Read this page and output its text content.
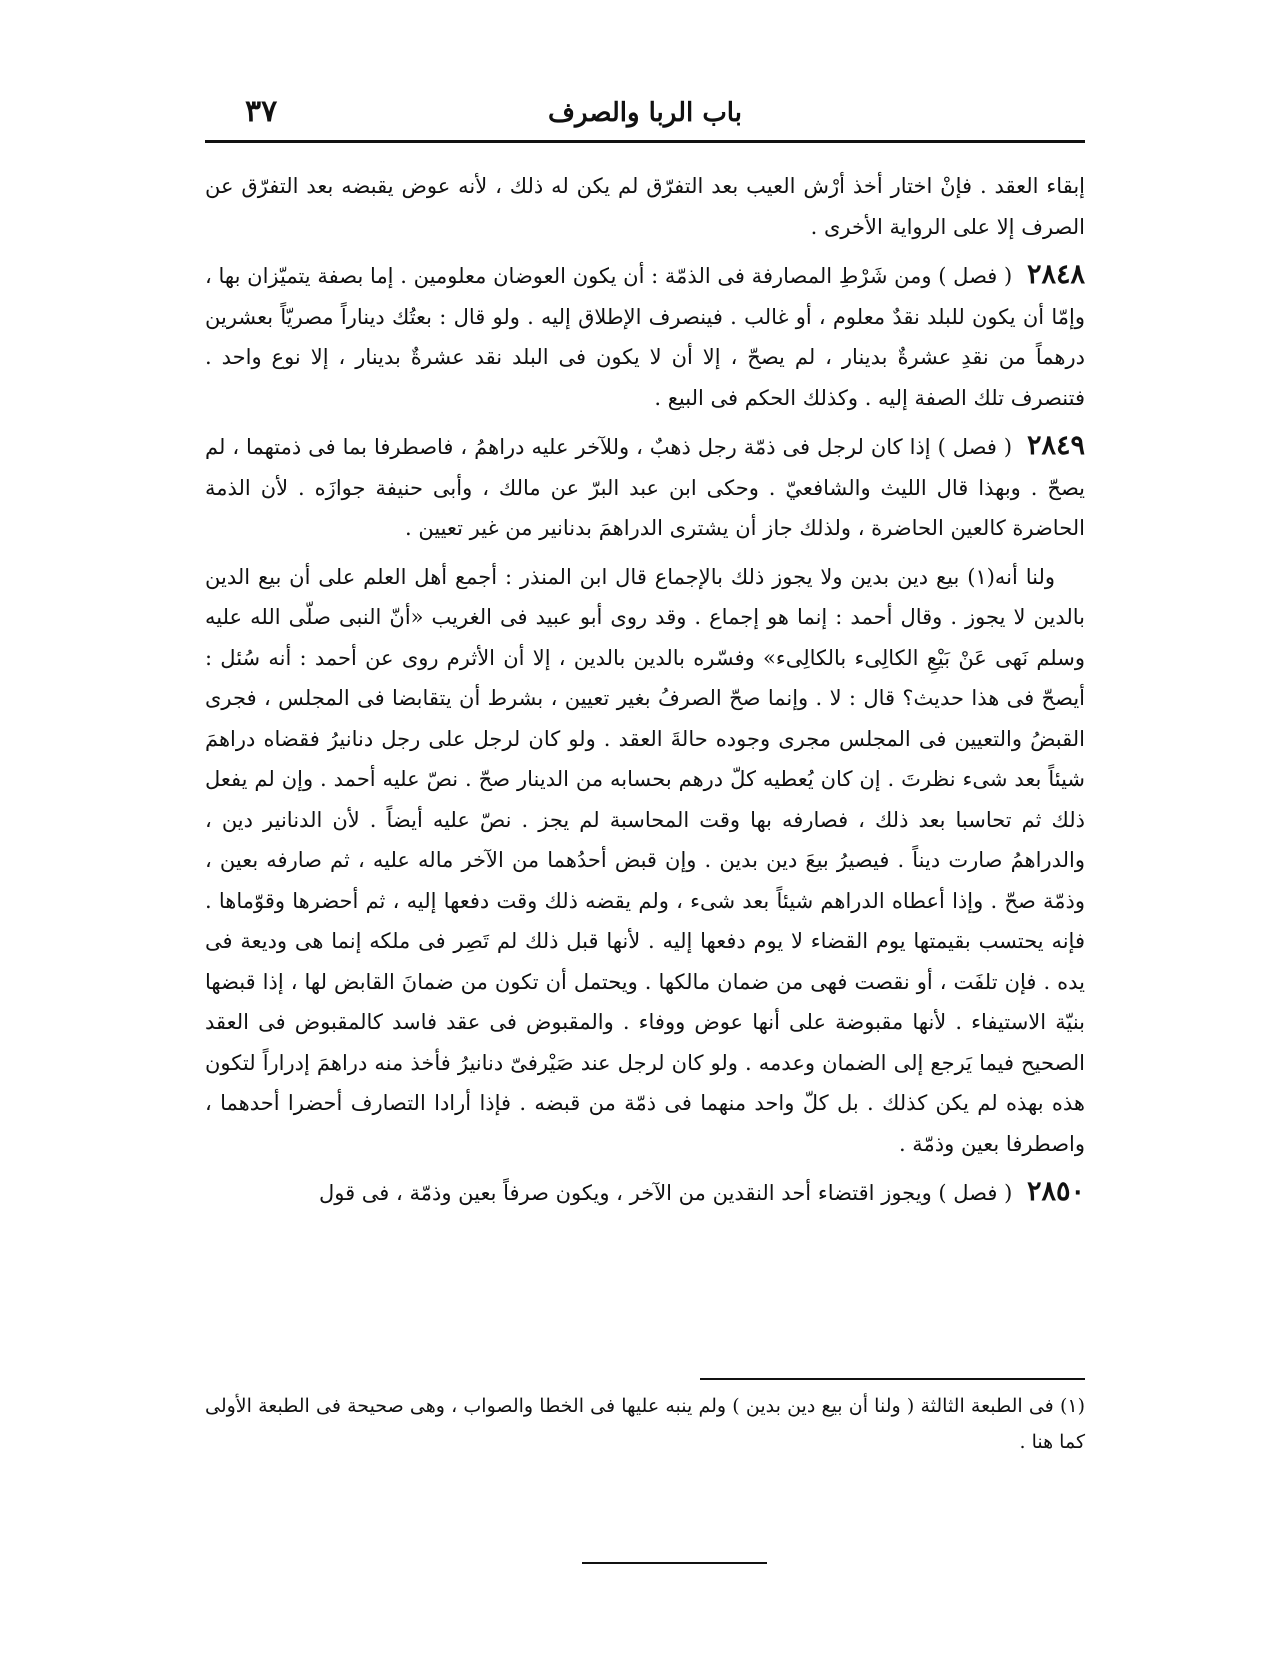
باب الربا والصرف
٣٧

إبقاء العقد . فإنْ اختار أخذ أرْش العيب بعد التفرّق لم يكن له ذلك ، لأنه عوض يقبضه بعد التفرّق عن الصرف إلا على الرواية الأخرى .

٢٨٤٨ ( فصل ) ومن شَرْطِ المصارفة فى الذمّة : أن يكون العوضان معلومين . إما بصفة يتميّزان بها ، وإمّا أن يكون للبلد نقدٌ معلوم ، أو غالب . فينصرف الإطلاق إليه . ولو قال : بعتُك ديناراً مصريّاً بعشرين درهماً من نقدِ عشرةٌ بدينار ، لم يصحّ ، إلا أن لا يكون فى البلد نقد عشرةٌ بدينار ، إلا نوع واحد . فتنصرف تلك الصفة إليه . وكذلك الحكم فى البيع .

٢٨٤٩ ( فصل ) إذا كان لرجل فى ذمّة رجل ذهبٌ ، وللآخر عليه دراهمُ ، فاصطرفا بما فى ذمتهما ، لم يصحّ . وبهذا قال الليث والشافعيّ . وحكى ابن عبد البرّ عن مالك ، وأبى حنيفة جوازَه . لأن الذمة الحاضرة كالعين الحاضرة ، ولذلك جاز أن يشترى الدراهمَ بدنانير من غير تعيين .

ولنا أنه(١) بيع دين بدين ولا يجوز ذلك بالإجماع قال ابن المنذر : أجمع أهل العلم على أن بيع الدين بالدين لا يجوز . وقال أحمد : إنما هو إجماع . وقد روى أبو عبيد فى الغريب «أنّ النبى صلّى الله عليه وسلم نَهى عَنْ بَيْعِ الكالِىء بالكالِىء» وفسّره بالدين بالدين ، إلا أن الأثرم روى عن أحمد : أنه سُئل : أيصحّ فى هذا حديث؟ قال : لا . وإنما صحّ الصرفُ بغير تعيين ، بشرط أن يتقابضا فى المجلس ، فجرى القبضُ والتعيين فى المجلس مجرى وجوده حالةَ العقد . ولو كان لرجل على رجل دنانيرُ فقضاه دراهمَ شيئاً بعد شىء نظرتَ . إن كان يُعطيه كلّ درهم بحسابه من الدينار صحّ . نصّ عليه أحمد . وإن لم يفعل ذلك ثم تحاسبا بعد ذلك ، فصارفه بها وقت المحاسبة لم يجز . نصّ عليه أيضاً . لأن الدنانير دين ، والدراهمُ صارت ديناً . فيصيرُ بيعَ دين بدين . وإن قبض أحدُهما من الآخر ماله عليه ، ثم صارفه بعين ، وذمّة صحّ . وإذا أعطاه الدراهم شيئاً بعد شىء ، ولم يقضه ذلك وقت دفعها إليه ، ثم أحضرها وقوّماها . فإنه يحتسب بقيمتها يوم القضاء لا يوم دفعها إليه . لأنها قبل ذلك لم تَصِر فى ملكه إنما هى وديعة فى يده . فإن تلفَت ، أو نقصت فهى من ضمان مالكها . ويحتمل أن تكون من ضمانَ القابض لها ، إذا قبضها بنيّة الاستيفاء . لأنها مقبوضة على أنها عوض ووفاء . والمقبوض فى عقد فاسد كالمقبوض فى العقد الصحيح فيما يَرجع إلى الضمان وعدمه . ولو كان لرجل عند صَيْرفىّ دنانيرُ فأخذ منه دراهمَ إدراراً لتكون هذه بهذه لم يكن كذلك . بل كلّ واحد منهما فى ذمّة من قبضه . فإذا أرادا التصارف أحضرا أحدهما ، واصطرفا بعين وذمّة .

٢٨٥٠ ( فصل ) ويجوز اقتضاء أحد النقدين من الآخر ، ويكون صرفاً بعين وذمّة ، فى قول

(١) فى الطبعة الثالثة ( ولنا أن بيع دين بدين ) ولم ينبه عليها فى الخطا والصواب ، وهى صحيحة فى الطبعة الأولى كما هنا .
